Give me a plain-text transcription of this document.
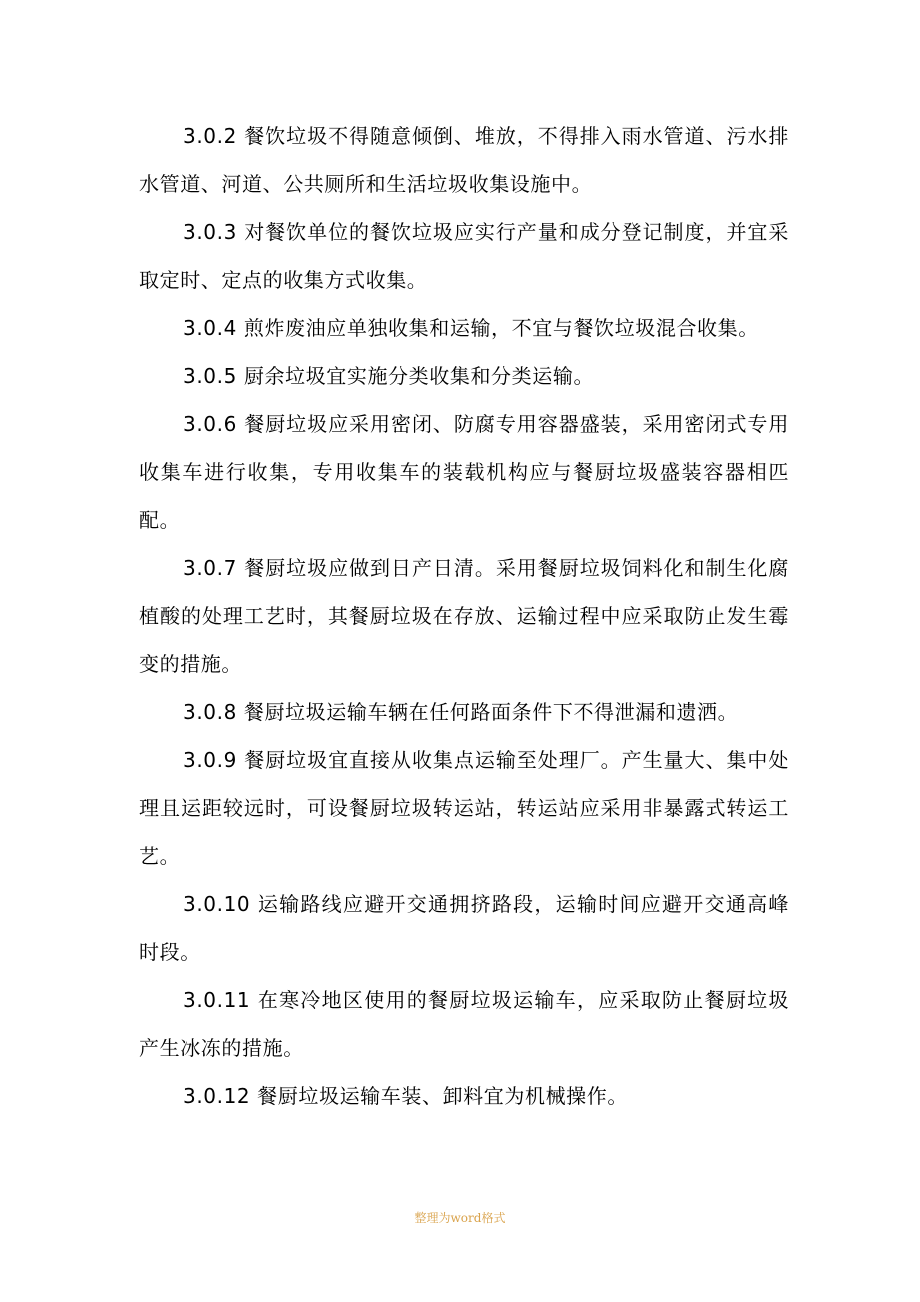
3.0.2 餐饮垃圾不得随意倾倒、堆放，不得排入雨水管道、污水排水管道、河道、公共厕所和生活垃圾收集设施中。

3.0.3 对餐饮单位的餐饮垃圾应实行产量和成分登记制度，并宜采取定时、定点的收集方式收集。

3.0.4 煎炸废油应单独收集和运输，不宜与餐饮垃圾混合收集。

3.0.5 厨余垃圾宜实施分类收集和分类运输。

3.0.6 餐厨垃圾应采用密闭、防腐专用容器盛装，采用密闭式专用收集车进行收集，专用收集车的装载机构应与餐厨垃圾盛装容器相匹配。

3.0.7 餐厨垃圾应做到日产日清。采用餐厨垃圾饲料化和制生化腐植酸的处理工艺时，其餐厨垃圾在存放、运输过程中应采取防止发生霉变的措施。

3.0.8 餐厨垃圾运输车辆在任何路面条件下不得泄漏和遗洒。

3.0.9 餐厨垃圾宜直接从收集点运输至处理厂。产生量大、集中处理且运距较远时，可设餐厨垃圾转运站，转运站应采用非暴露式转运工艺。

3.0.10 运输路线应避开交通拥挤路段，运输时间应避开交通高峰时段。

3.0.11 在寒冷地区使用的餐厨垃圾运输车，应采取防止餐厨垃圾产生冰冻的措施。

3.0.12 餐厨垃圾运输车装、卸料宜为机械操作。

整理为word格式
